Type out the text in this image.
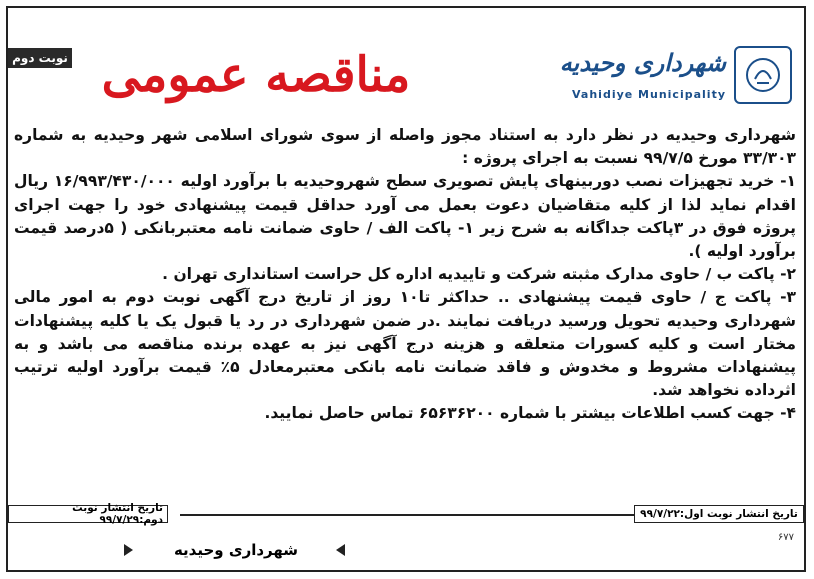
نوبت دوم مناقصه عمومی	شهرداری وحیدیه
Vahidiye Municipality

شهرداری وحیدیه در نظر دارد به استناد مجوز واصله از سوی شورای اسلامی شهر وحیدیه به شماره ۳۳/۳۰۳ مورخ ۹۹/۷/۵ نسبت به اجرای پروژه :

۱- خرید تجهیزات نصب دوربینهای پایش تصویری سطح شهروحیدیه با برآورد اولیه ۱۶/۹۹۳/۴۳۰/۰۰۰ ریال اقدام نماید لذا از کلیه متقاضیان دعوت بعمل می آورد حداقل قیمت پیشنهادی خود را جهت اجرای پروژه فوق در ۳پاکت جداگانه به شرح زیر ۱- پاکت الف / حاوی ضمانت نامه معتبربانکی ( ۵درصد قیمت برآورد اولیه ).

۲- پاکت ب / حاوی مدارک مثبته شرکت و تاییدیه اداره کل حراست استانداری تهران .

۳- پاکت ج / حاوی قیمت پیشنهادی .. حداکثر تا۱۰ روز از تاریخ درج آگهی نوبت دوم به امور مالی شهرداری وحیدیه تحویل ورسید دریافت نمایند .در ضمن شهرداری در رد یا قبول یک یا کلیه پیشنهادات مختار است و کلیه کسورات متعلقه و هزینه درج آگهی نیز به عهده برنده مناقصه می باشد و به پیشنهادات مشروط و مخدوش و فاقد ضمانت نامه بانکی معتبرمعادل ۵٪ قیمت برآورد اولیه ترتیب اثرداده نخواهد شد.

۴- جهت کسب اطلاعات بیشتر با شماره ۶۵۶۳۶۲۰۰ تماس حاصل نمایید.

تاریخ انتشار نوبت دوم:۹۹/۷/۲۹	تاریخ انتشار نوبت اول:۹۹/۷/۲۲
۶۷۷
شهرداری وحیدیه
